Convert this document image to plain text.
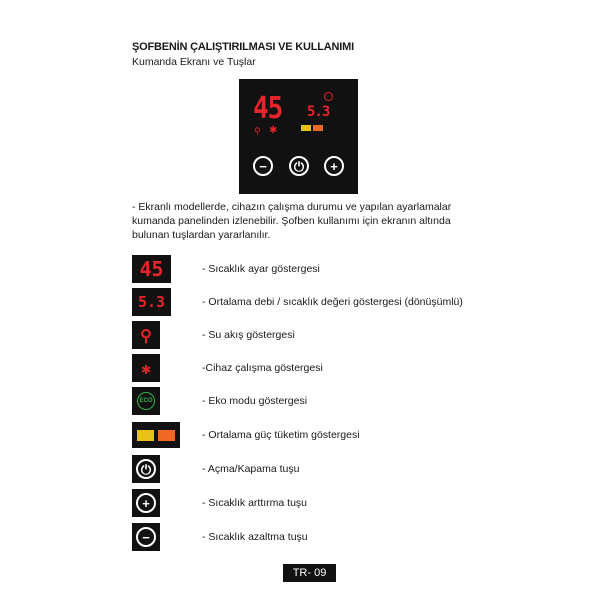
ŞOFBENİN ÇALIŞTIRILMASI VE KULLANIMI
Kumanda Ekranı ve Tuşlar
45 5.3
⚲ ✱
−	⏻	+
- Ekranlı modellerde, cihazın çalışma durumu ve yapılan ayarlamalar kumanda panelinden izlenebilir. Şofben kullanımı için ekranın altında bulunan tuşlardan yararlanılır.
45	- Sıcaklık ayar göstergesi
5.3	- Ortalama debi / sıcaklık değeri göstergesi (dönüşümlü)
⚲	- Su akış göstergesi
✱	-Cihaz çalışma göstergesi
ECO	- Eko modu göstergesi
- Ortalama güç tüketim göstergesi
⏻	- Açma/Kapama tuşu
+	- Sıcaklık arttırma tuşu
−	- Sıcaklık azaltma tuşu
TR- 09
